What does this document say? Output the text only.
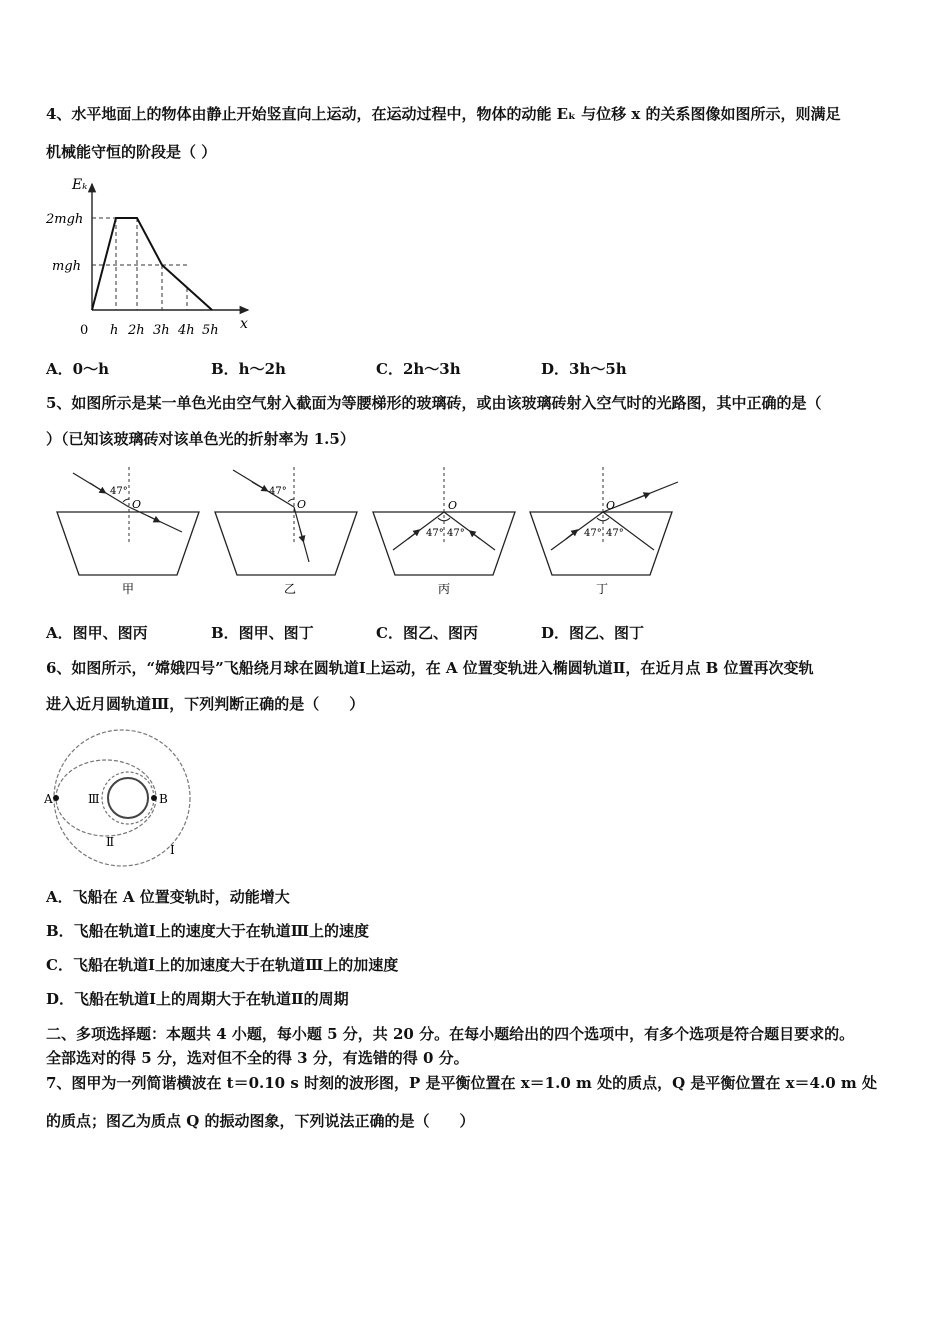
4、水平地面上的物体由静止开始竖直向上运动，在运动过程中，物体的动能 Eₖ 与位移 x 的关系图像如图所示，则满足
机械能守恒的阶段是（ ）
Eₖ
x
2mgh
mgh
0 h 2h 3h 4h 5h
A．0～h	B．h～2h	C．2h～3h	D．3h～5h
5、如图所示是某一单色光由空气射入截面为等腰梯形的玻璃砖，或由该玻璃砖射入空气时的光路图，其中正确的是（
）（已知该玻璃砖对该单色光的折射率为 1.5）
47°
O
甲
47°
O
乙
47° 47°
O
丙
47° 47°
O
丁
A．图甲、图丙	B．图甲、图丁	C．图乙、图丙	D．图乙、图丁
6、如图所示，“嫦娥四号”飞船绕月球在圆轨道Ⅰ上运动，在 A 位置变轨进入椭圆轨道Ⅱ，在近月点 B 位置再次变轨
进入近月圆轨道Ⅲ，下列判断正确的是（　　）
A	B
Ⅲ
Ⅱ
Ⅰ
A．飞船在 A 位置变轨时，动能增大
B．飞船在轨道Ⅰ上的速度大于在轨道Ⅲ上的速度
C．飞船在轨道Ⅰ上的加速度大于在轨道Ⅲ上的加速度
D．飞船在轨道Ⅰ上的周期大于在轨道Ⅱ的周期
二、多项选择题：本题共 4 小题，每小题 5 分，共 20 分。在每小题给出的四个选项中，有多个选项是符合题目要求的。
全部选对的得 5 分，选对但不全的得 3 分，有选错的得 0 分。
7、图甲为一列简谐横波在 t＝0.10 s 时刻的波形图，P 是平衡位置在 x＝1.0 m 处的质点，Q 是平衡位置在 x＝4.0 m 处
的质点；图乙为质点 Q 的振动图象，下列说法正确的是（　　）
